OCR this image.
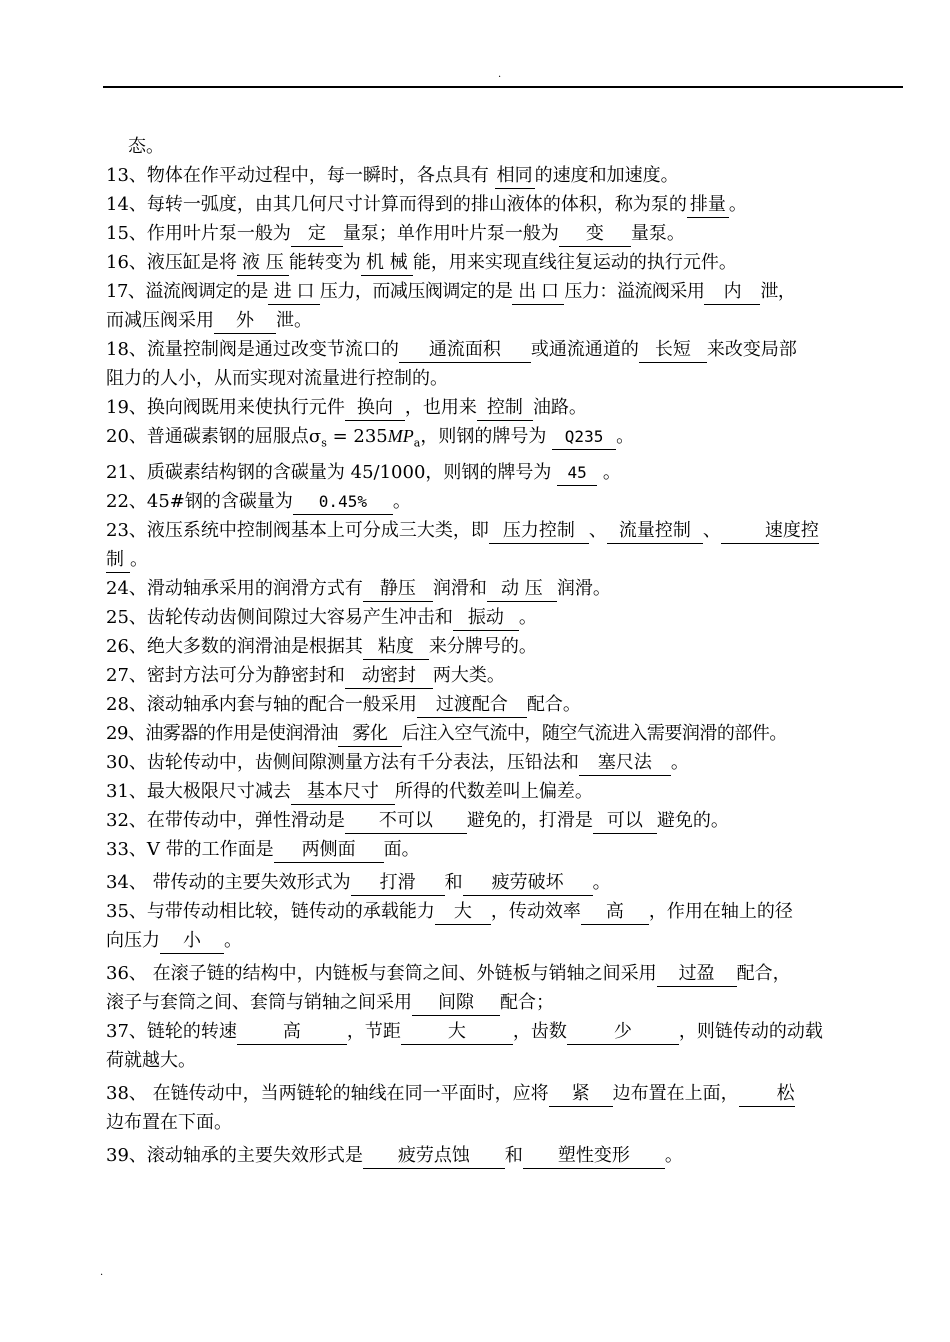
.

态。

13、物体在作平动过程中，每一瞬时，各点具有 相同 的速度和加速度。

14、每转一弧度，由其几何尺寸计算而得到的排山液体的体积，称为泵的 排量 。

15、作用叶片泵一般为 定 量泵；单作用叶片泵一般为 变 量泵。

16、液压缸是将 液 压 能转变为 机 械 能，用来实现直线往复运动的执行元件。

17、溢流阀调定的是 进 口 压力，而减压阀调定的是 出 口 压力：溢流阀采用 内 泄，

而减压阀采用 外 泄。

18、流量控制阀是通过改变节流口的 通流面积 或通流通道的 长短 来改变局部

阻力的人小，从而实现对流量进行控制的。

19、换向阀既用来使执行元件 换向 ，也用来 控制 油路。

20、普通碳素钢的屈服点$\sigma_s = 235MP_a$，则钢的牌号为 Q235 。

21、质碳素结构钢的含碳量为 45/1000，则钢的牌号为 45 。

22、45#钢的含碳量为 0.45% 。

23、液压系统中控制阀基本上可分成三大类，即 压力控制 、 流量控制 、 速度控

制 。

24、滑动轴承采用的润滑方式有 静压 润滑和 动 压 润滑。

25、齿轮传动齿侧间隙过大容易产生冲击和 振动 。

26、绝大多数的润滑油是根据其 粘度 来分牌号的。

27、密封方法可分为静密封和 动密封 两大类。

28、滚动轴承内套与轴的配合一般采用 过渡配合 配合。

29、油雾器的作用是使润滑油 雾化 后注入空气流中，随空气流进入需要润滑的部件。

30、齿轮传动中，齿侧间隙测量方法有千分表法，压铅法和 塞尺法 。

31、最大极限尺寸减去 基本尺寸 所得的代数差叫上偏差。

32、在带传动中，弹性滑动是 不可以 避免的，打滑是 可以 避免的。

33、V 带的工作面是 两侧面 面。

34、 带传动的主要失效形式为 打滑 和 疲劳破坏 。

35、与带传动相比较，链传动的承载能力 大 ，传动效率 高 ，作用在轴上的径

向压力 小 。

36、 在滚子链的结构中，内链板与套筒之间、外链板与销轴之间采用 过盈 配合，

滚子与套筒之间、套筒与销轴之间采用 间隙 配合；

37、链轮的转速	高	，节距	大	，齿数	少	，则链传动的动载

荷就越大。

38、 在链传动中，当两链轮的轴线在同一平面时，应将 紧 边布置在上面， 松

边布置在下面。

39、滚动轴承的主要失效形式是 疲劳点蚀 和 塑性变形 。

.
